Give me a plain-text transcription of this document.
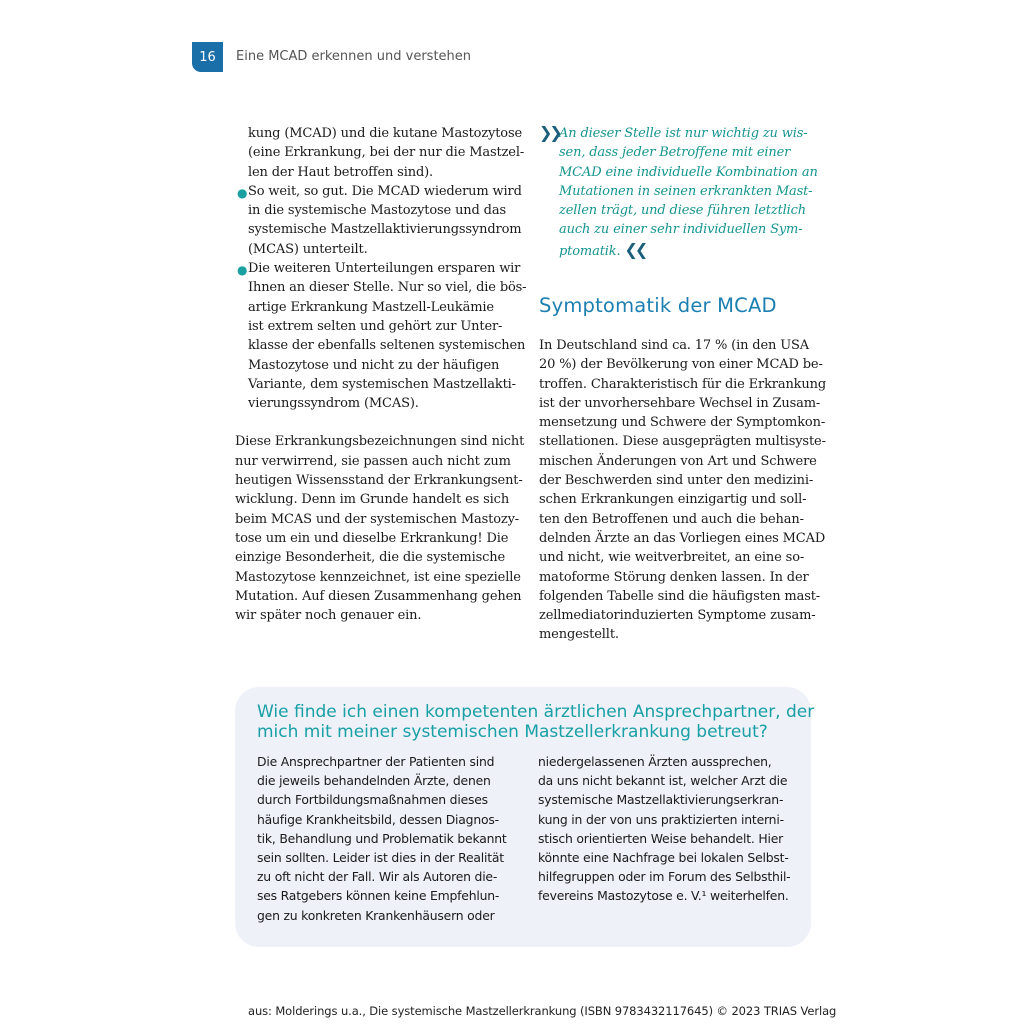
16 Eine MCAD erkennen und verstehen

kung (MCAD) und die kutane Mastozytose

(eine Erkrankung, bei der nur die Mastzel-

len der Haut betroffen sind).

● So weit, so gut. Die MCAD wiederum wird

in die systemische Mastozytose und das

systemische Mastzellaktivierungssyndrom

(MCAS) unterteilt.

● Die weiteren Unterteilungen ersparen wir

Ihnen an dieser Stelle. Nur so viel, die bös-

artige Erkrankung Mastzell-Leukämie

ist extrem selten und gehört zur Unter-

klasse der ebenfalls seltenen systemischen

Mastozytose und nicht zu der häufigen

Variante, dem systemischen Mastzellakti-

vierungssyndrom (MCAS).

Diese Erkrankungsbezeichnungen sind nicht

nur verwirrend, sie passen auch nicht zum

heutigen Wissensstand der Erkrankungsent-

wicklung. Denn im Grunde handelt es sich

beim MCAS und der systemischen Mastozy-

tose um ein und dieselbe Erkrankung! Die

einzige Besonderheit, die die systemische

Mastozytose kennzeichnet, ist eine spezielle

Mutation. Auf diesen Zusammenhang gehen

wir später noch genauer ein.

❯❯ An dieser Stelle ist nur wichtig zu wis-

sen, dass jeder Betroffene mit einer

MCAD eine individuelle Kombination an

Mutationen in seinen erkrankten Mast-

zellen trägt, und diese führen letztlich

auch zu einer sehr individuellen Sym-

ptomatik. ❮❮

Symptomatik der MCAD

In Deutschland sind ca. 17 % (in den USA

20 %) der Bevölkerung von einer MCAD be-

troffen. Charakteristisch für die Erkrankung

ist der unvorhersehbare Wechsel in Zusam-

mensetzung und Schwere der Symptomkon-

stellationen. Diese ausgeprägten multisyste-

mischen Änderungen von Art und Schwere

der Beschwerden sind unter den medizini-

schen Erkrankungen einzigartig und soll-

ten den Betroffenen und auch die behan-

delnden Ärzte an das Vorliegen eines MCAD

und nicht, wie weitverbreitet, an eine so-

matoforme Störung denken lassen. In der

folgenden Tabelle sind die häufigsten mast-

zellmediatorinduzierten Symptome zusam-

mengestellt.

Wie finde ich einen kompetenten ärztlichen Ansprechpartner, der
mich mit meiner systemischen Mastzellerkrankung betreut?

Die Ansprechpartner der Patienten sind

die jeweils behandelnden Ärzte, denen

durch Fortbildungsmaßnahmen dieses

häufige Krankheitsbild, dessen Diagnos-

tik, Behandlung und Problematik bekannt

sein sollten. Leider ist dies in der Realität

zu oft nicht der Fall. Wir als Autoren die-

ses Ratgebers können keine Empfehlun-

gen zu konkreten Krankenhäusern oder

niedergelassenen Ärzten aussprechen,

da uns nicht bekannt ist, welcher Arzt die

systemische Mastzellaktivierungserkran-

kung in der von uns praktizierten interni-

stisch orientierten Weise behandelt. Hier

könnte eine Nachfrage bei lokalen Selbst-

hilfegruppen oder im Forum des Selbsthil-

fevereins Mastozytose e. V.¹ weiterhelfen.

aus: Molderings u.a., Die systemische Mastzellerkrankung (ISBN 9783432117645) © 2023 TRIAS Verlag
